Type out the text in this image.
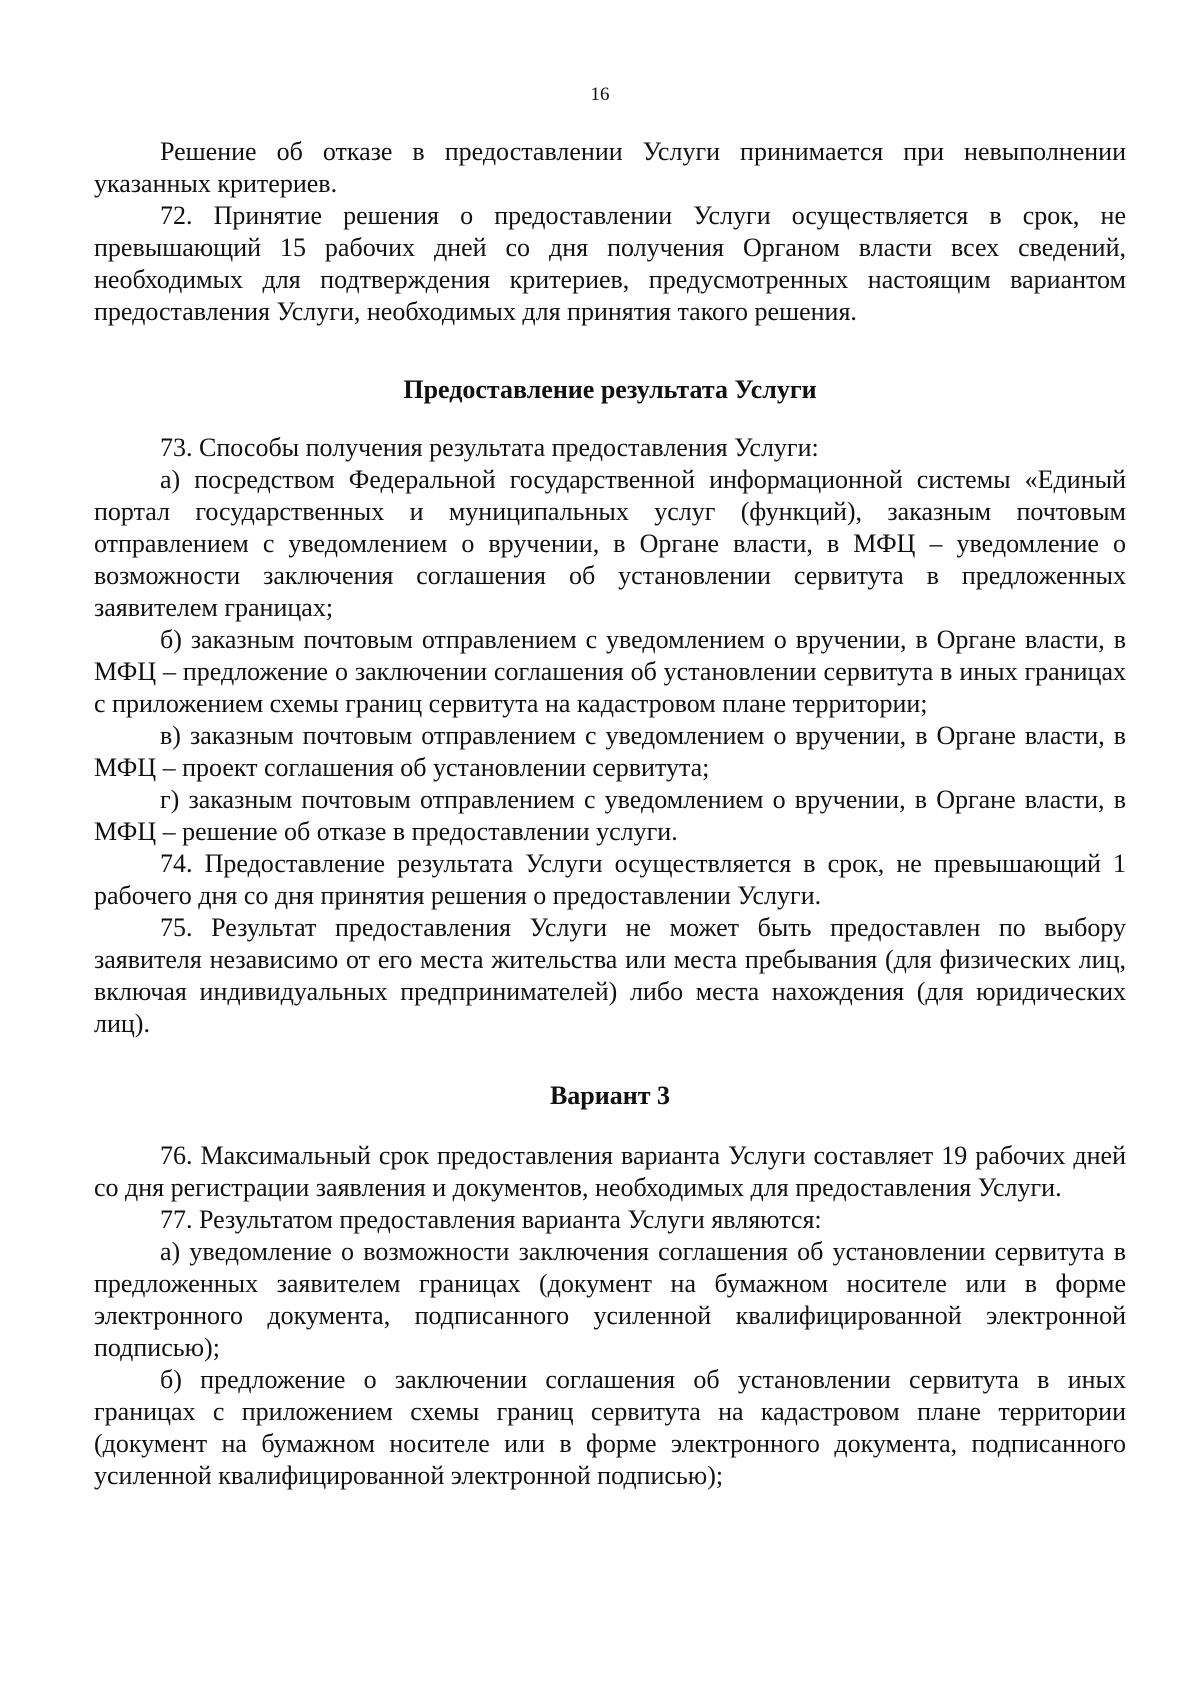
16

Решение об отказе в предоставлении Услуги принимается при невыполнении указанных критериев.

72. Принятие решения о предоставлении Услуги осуществляется в срок, не превышающий 15 рабочих дней со дня получения Органом власти всех сведений, необходимых для подтверждения критериев, предусмотренных настоящим вариантом предоставления Услуги, необходимых для принятия такого решения.

Предоставление результата Услуги

73. Способы получения результата предоставления Услуги:

а) посредством Федеральной государственной информационной системы «Единый портал государственных и муниципальных услуг (функций), заказным почтовым отправлением с уведомлением о вручении, в Органе власти, в МФЦ – уведомление о возможности заключения соглашения об установлении сервитута в предложенных заявителем границах;

б) заказным почтовым отправлением с уведомлением о вручении, в Органе власти, в МФЦ – предложение о заключении соглашения об установлении сервитута в иных границах с приложением схемы границ сервитута на кадастровом плане территории;

в) заказным почтовым отправлением с уведомлением о вручении, в Органе власти, в МФЦ – проект соглашения об установлении сервитута;

г) заказным почтовым отправлением с уведомлением о вручении, в Органе власти, в МФЦ – решение об отказе в предоставлении услуги.

74. Предоставление результата Услуги осуществляется в срок, не превышающий 1 рабочего дня со дня принятия решения о предоставлении Услуги.

75. Результат предоставления Услуги не может быть предоставлен по выбору заявителя независимо от его места жительства или места пребывания (для физических лиц, включая индивидуальных предпринимателей) либо места нахождения (для юридических лиц).

Вариант 3

76. Максимальный срок предоставления варианта Услуги составляет 19 рабочих дней со дня регистрации заявления и документов, необходимых для предоставления Услуги.

77. Результатом предоставления варианта Услуги являются:

а) уведомление о возможности заключения соглашения об установлении сервитута в предложенных заявителем границах (документ на бумажном носителе или в форме электронного документа, подписанного усиленной квалифицированной электронной подписью);

б) предложение о заключении соглашения об установлении сервитута в иных границах с приложением схемы границ сервитута на кадастровом плане территории (документ на бумажном носителе или в форме электронного документа, подписанного усиленной квалифицированной электронной подписью);
